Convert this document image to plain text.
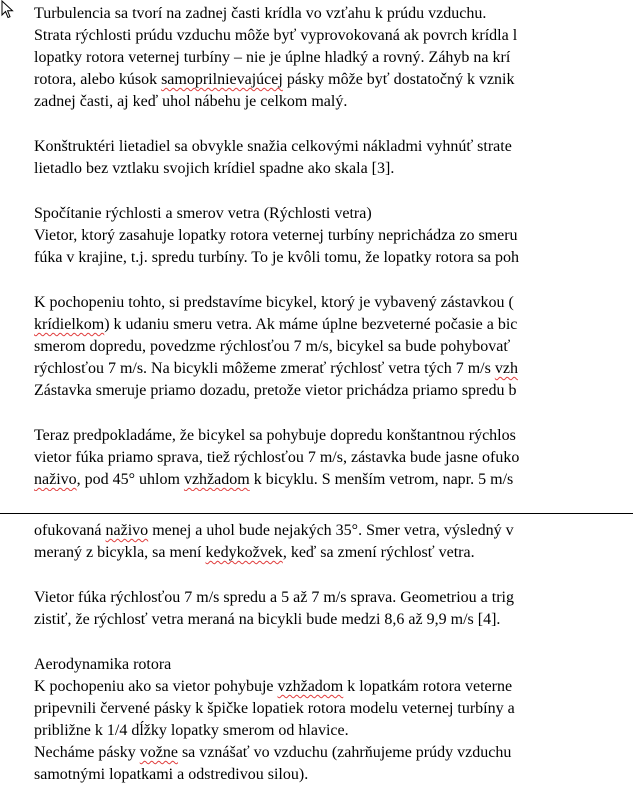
Turbulencia sa tvorí na zadnej časti krídla vo vzťahu k prúdu vzduchu.
Strata rýchlosti prúdu vzduchu môže byť vyprovokovaná ak povrch krídla l
lopatky rotora veternej turbíny – nie je úplne hladký a rovný. Záhyb na krí
rotora, alebo kúsok samoprilnievajúcej pásky môže byť dostatočný k vznik
zadnej časti, aj keď uhol nábehu je celkom malý.
Konštruktéri lietadiel sa obvykle snažia celkovými nákladmi vyhnúť strate
lietadlo bez vztlaku svojich krídiel spadne ako skala [3].
Spočítanie rýchlosti a smerov vetra (Rýchlosti vetra)
Vietor, ktorý zasahuje lopatky rotora veternej turbíny neprichádza zo smeru
fúka v krajine, t.j. spredu turbíny. To je kvôli tomu, že lopatky rotora sa poh
K pochopeniu tohto, si predstavíme bicykel, ktorý je vybavený zástavkou (
krídielkom) k udaniu smeru vetra. Ak máme úplne bezveterné počasie a bic
smerom dopredu, povedzme rýchlosťou 7 m/s, bicykel sa bude pohybovať
rýchlosťou 7 m/s. Na bicykli môžeme zmerať rýchlosť vetra tých 7 m/s vzh
Zástavka smeruje priamo dozadu, pretože vietor prichádza priamo spredu b
Teraz predpokladáme, že bicykel sa pohybuje dopredu konštantnou rýchlos
vietor fúka priamo sprava, tiež rýchlosťou 7 m/s, zástavka bude jasne ofuko
naživo, pod 45° uhlom vzhžadom k bicyklu. S menším vetrom, napr. 5 m/s
ofukovaná naživo menej a uhol bude nejakých 35°. Smer vetra, výsledný v
meraný z bicykla, sa mení kedykožvek, keď sa zmení rýchlosť vetra.
Vietor fúka rýchlosťou 7 m/s spredu a 5 až 7 m/s sprava. Geometriou a trig
zistiť, že rýchlosť vetra meraná na bicykli bude medzi 8,6 až 9,9 m/s [4].
Aerodynamika rotora
K pochopeniu ako sa vietor pohybuje vzhžadom k lopatkám rotora veterne
pripevnili červené pásky k špičke lopatiek rotora modelu veternej turbíny a
približne k 1/4 dĺžky lopatky smerom od hlavice.
Necháme pásky vožne sa vznášať vo vzduchu (zahrňujeme prúdy vzduchu
samotnými lopatkami a odstredivou silou).
